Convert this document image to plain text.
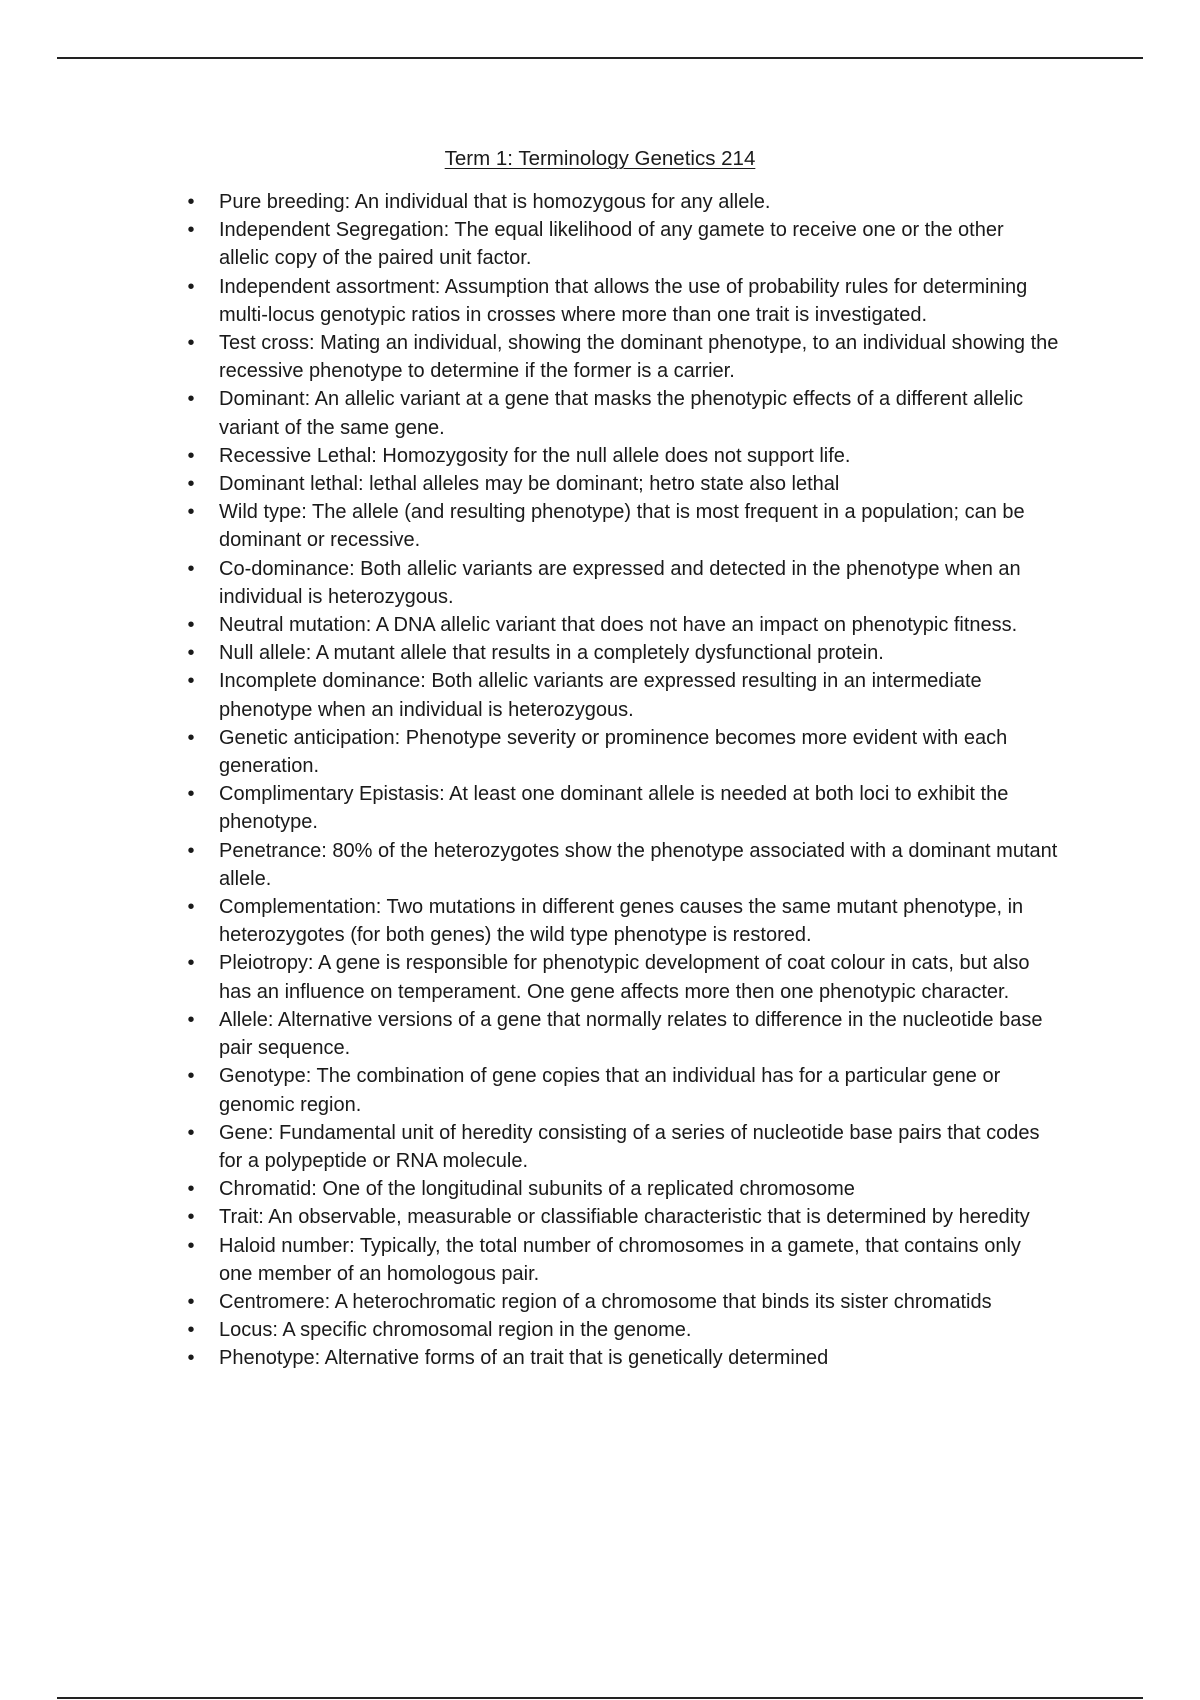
Term 1: Terminology Genetics 214
• Pure breeding: An individual that is homozygous for any allele.
• Independent Segregation: The equal likelihood of any gamete to receive one or the other allelic copy of the paired unit factor.
• Independent assortment: Assumption that allows the use of probability rules for determining multi-locus genotypic ratios in crosses where more than one trait is investigated.
• Test cross: Mating an individual, showing the dominant phenotype, to an individual showing the recessive phenotype to determine if the former is a carrier.
• Dominant: An allelic variant at a gene that masks the phenotypic effects of a different allelic variant of the same gene.
• Recessive Lethal: Homozygosity for the null allele does not support life.
• Dominant lethal: lethal alleles may be dominant; hetro state also lethal
• Wild type: The allele (and resulting phenotype) that is most frequent in a population; can be dominant or recessive.
• Co-dominance: Both allelic variants are expressed and detected in the phenotype when an individual is heterozygous.
• Neutral mutation: A DNA allelic variant that does not have an impact on phenotypic fitness.
• Null allele: A mutant allele that results in a completely dysfunctional protein.
• Incomplete dominance: Both allelic variants are expressed resulting in an intermediate phenotype when an individual is heterozygous.
• Genetic anticipation: Phenotype severity or prominence becomes more evident with each generation.
• Complimentary Epistasis: At least one dominant allele is needed at both loci to exhibit the phenotype.
• Penetrance: 80% of the heterozygotes show the phenotype associated with a dominant mutant allele.
• Complementation: Two mutations in different genes causes the same mutant phenotype, in heterozygotes (for both genes) the wild type phenotype is restored.
• Pleiotropy: A gene is responsible for phenotypic development of coat colour in cats, but also has an influence on temperament. One gene affects more then one phenotypic character.
• Allele: Alternative versions of a gene that normally relates to difference in the nucleotide base pair sequence.
• Genotype: The combination of gene copies that an individual has for a particular gene or genomic region.
• Gene: Fundamental unit of heredity consisting of a series of nucleotide base pairs that codes for a polypeptide or RNA molecule.
• Chromatid: One of the longitudinal subunits of a replicated chromosome
• Trait: An observable, measurable or classifiable characteristic that is determined by heredity
• Haloid number: Typically, the total number of chromosomes in a gamete, that contains only one member of an homologous pair.
• Centromere: A heterochromatic region of a chromosome that binds its sister chromatids
• Locus: A specific chromosomal region in the genome.
• Phenotype: Alternative forms of an trait that is genetically determined
